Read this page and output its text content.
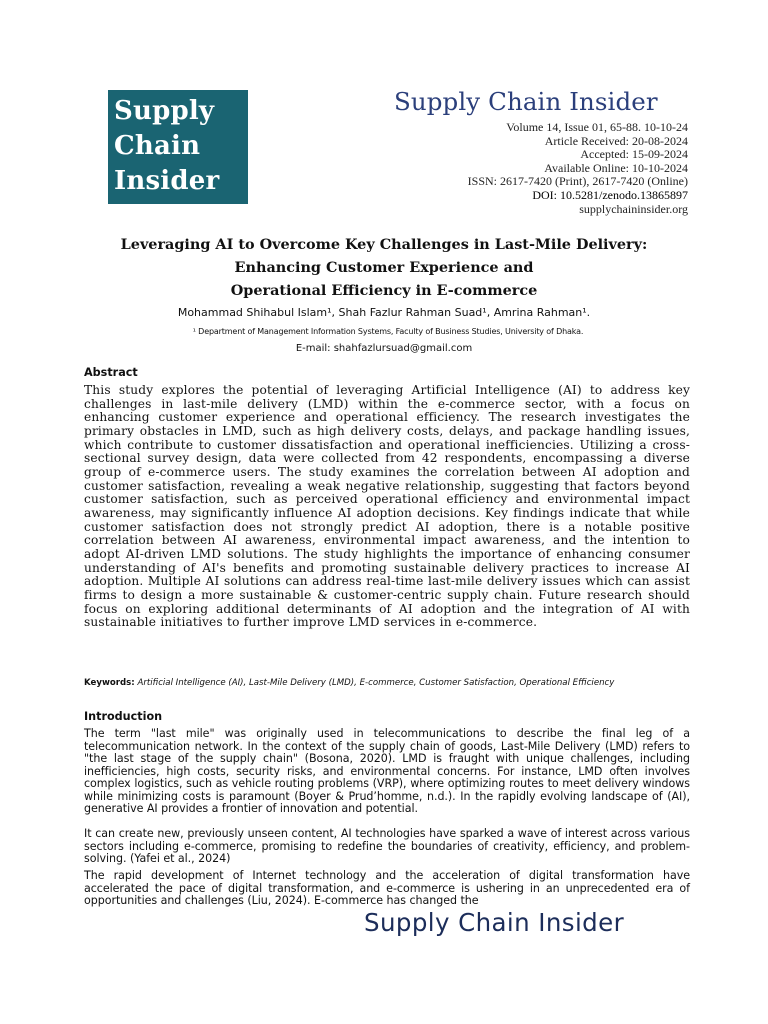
Supply
Chain
Insider
Supply Chain Insider
Volume 14, Issue 01, 65-88. 10-10-24
Article Received: 20-08-2024
Accepted: 15-09-2024
Available Online: 10-10-2024
ISSN: 2617-7420 (Print), 2617-7420 (Online)
DOI: 10.5281/zenodo.13865897
supplychaininsider.org
Leveraging AI to Overcome Key Challenges in Last-Mile Delivery:
Enhancing Customer Experience and
Operational Efficiency in E-commerce
Mohammad Shihabul Islam¹, Shah Fazlur Rahman Suad¹, Amrina Rahman¹.
¹ Department of Management Information Systems, Faculty of Business Studies, University of Dhaka.
E-mail: shahfazlursuad@gmail.com
Abstract

This study explores the potential of leveraging Artificial Intelligence (AI) to address key challenges in last-mile delivery (LMD) within the e-commerce sector, with a focus on enhancing customer experience and operational efficiency. The research investigates the primary obstacles in LMD, such as high delivery costs, delays, and package handling issues, which contribute to customer dissatisfaction and operational inefficiencies. Utilizing a cross-sectional survey design, data were collected from 42 respondents, encompassing a diverse group of e-commerce users. The study examines the correlation between AI adoption and customer satisfaction, revealing a weak negative relationship, suggesting that factors beyond customer satisfaction, such as perceived operational efficiency and environmental impact awareness, may significantly influence AI adoption decisions. Key findings indicate that while customer satisfaction does not strongly predict AI adoption, there is a notable positive correlation between AI awareness, environmental impact awareness, and the intention to adopt AI-driven LMD solutions. The study highlights the importance of enhancing consumer understanding of AI's benefits and promoting sustainable delivery practices to increase AI adoption. Multiple AI solutions can address real-time last-mile delivery issues which can assist firms to design a more sustainable & customer-centric supply chain. Future research should focus on exploring additional determinants of AI adoption and the integration of AI with sustainable initiatives to further improve LMD services in e-commerce.

Keywords: Artificial Intelligence (AI), Last-Mile Delivery (LMD), E-commerce, Customer Satisfaction, Operational Efficiency
Introduction

The term "last mile" was originally used in telecommunications to describe the final leg of a telecommunication network. In the context of the supply chain of goods, Last-Mile Delivery (LMD) refers to "the last stage of the supply chain" (Bosona, 2020). LMD is fraught with unique challenges, including inefficiencies, high costs, security risks, and environmental concerns. For instance, LMD often involves complex logistics, such as vehicle routing problems (VRP), where optimizing routes to meet delivery windows while minimizing costs is paramount (Boyer & Prud’homme, n.d.). In the rapidly evolving landscape of (AI), generative AI provides a frontier of innovation and potential.

It can create new, previously unseen content, AI technologies have sparked a wave of interest across various sectors including e-commerce, promising to redefine the boundaries of creativity, efficiency, and problem-solving. (Yafei et al., 2024)

The rapid development of Internet technology and the acceleration of digital transformation have accelerated the pace of digital transformation, and e-commerce is ushering in an unprecedented era of opportunities and challenges (Liu, 2024). E-commerce has changed the

Supply Chain Insider
